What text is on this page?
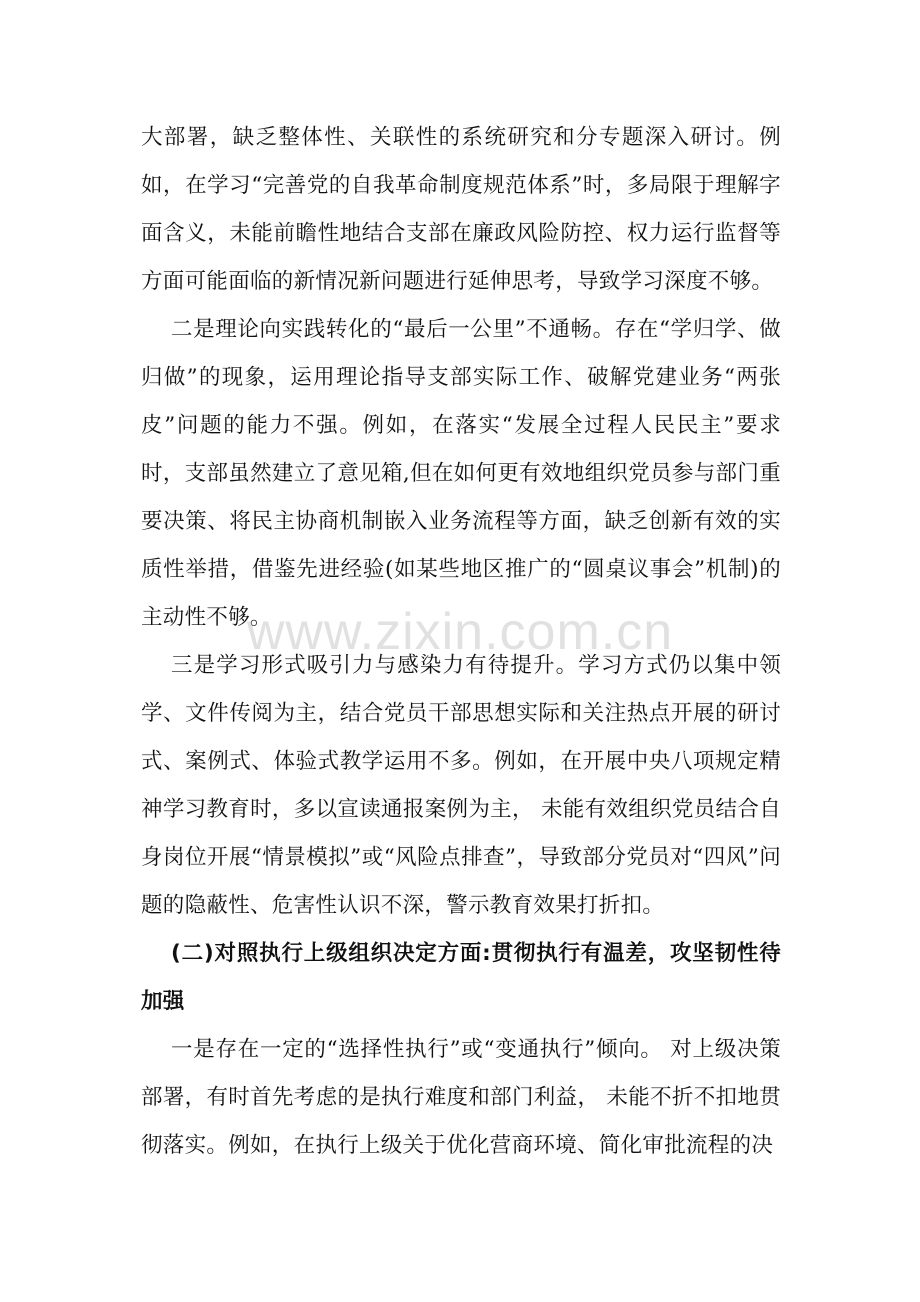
大部署，缺乏整体性、关联性的系统研究和分专题深入研讨。例如，在学习“完善党的自我革命制度规范体系”时，多局限于理解字面含义，未能前瞻性地结合支部在廉政风险防控、权力运行监督等方面可能面临的新情况新问题进行延伸思考，导致学习深度不够。

二是理论向实践转化的“最后一公里”不通畅。存在“学归学、做归做”的现象，运用理论指导支部实际工作、破解党建业务“两张皮”问题的能力不强。例如，在落实“发展全过程人民民主”要求时，支部虽然建立了意见箱,但在如何更有效地组织党员参与部门重要决策、将民主协商机制嵌入业务流程等方面，缺乏创新有效的实质性举措，借鉴先进经验(如某些地区推广的“圆桌议事会”机制)的主动性不够。

三是学习形式吸引力与感染力有待提升。学习方式仍以集中领学、文件传阅为主，结合党员干部思想实际和关注热点开展的研讨式、案例式、体验式教学运用不多。例如，在开展中央八项规定精神学习教育时，多以宣读通报案例为主， 未能有效组织党员结合自身岗位开展“情景模拟”或“风险点排查”，导致部分党员对“四风”问题的隐蔽性、危害性认识不深，警示教育效果打折扣。

(二)对照执行上级组织决定方面:贯彻执行有温差，攻坚韧性待加强

一是存在一定的“选择性执行”或“变通执行”倾向。 对上级决策部署，有时首先考虑的是执行难度和部门利益， 未能不折不扣地贯彻落实。例如，在执行上级关于优化营商环境、简化审批流程的决

www.zixin.com.cn
